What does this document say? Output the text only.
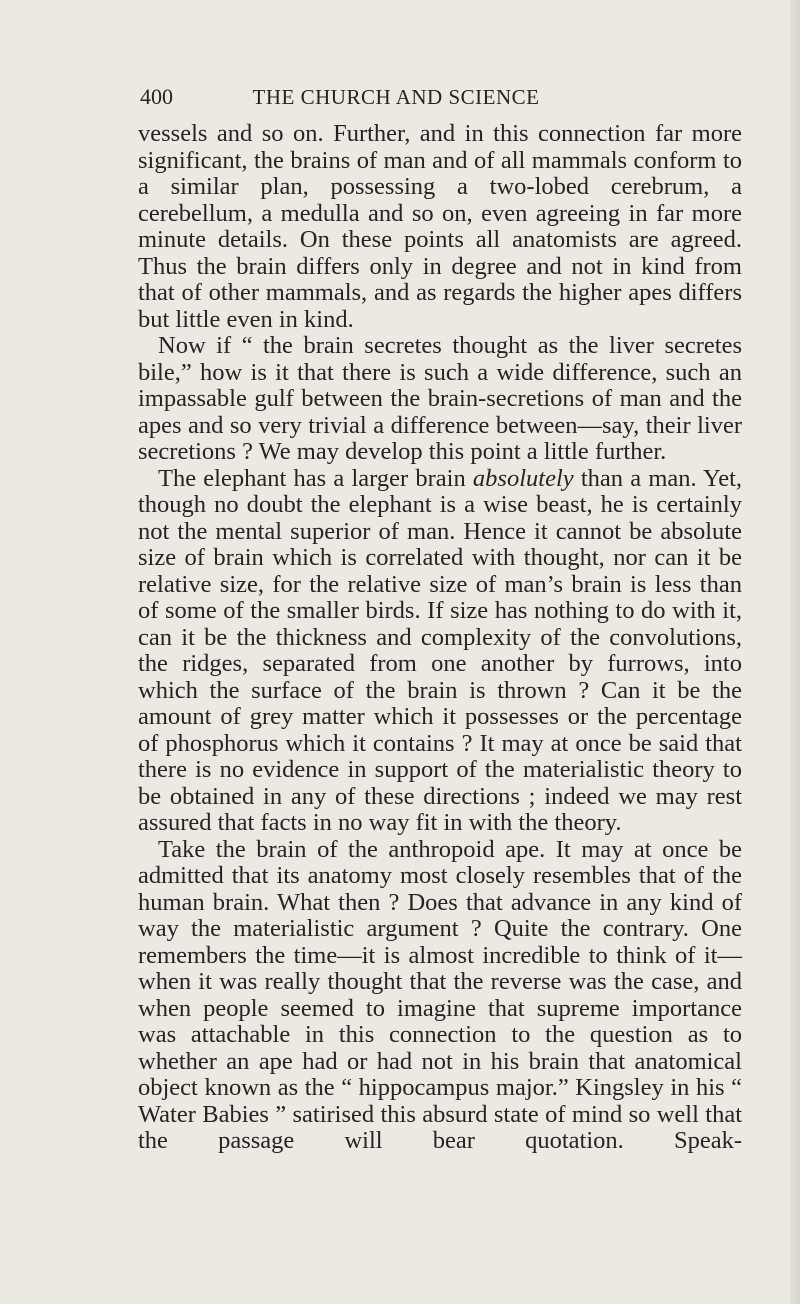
400	THE CHURCH AND SCIENCE

vessels and so on. Further, and in this connection far more significant, the brains of man and of all mammals conform to a similar plan, possessing a two-lobed cerebrum, a cerebellum, a medulla and so on, even agreeing in far more minute details. On these points all anatomists are agreed. Thus the brain differs only in degree and not in kind from that of other mammals, and as regards the higher apes differs but little even in kind.

Now if “ the brain secretes thought as the liver secretes bile,” how is it that there is such a wide difference, such an impassable gulf between the brain-secretions of man and the apes and so very trivial a difference between—say, their liver secretions ? We may develop this point a little further.

The elephant has a larger brain absolutely than a man. Yet, though no doubt the elephant is a wise beast, he is certainly not the mental superior of man. Hence it cannot be absolute size of brain which is correlated with thought, nor can it be relative size, for the relative size of man’s brain is less than of some of the smaller birds. If size has nothing to do with it, can it be the thickness and complexity of the convolutions, the ridges, separated from one another by furrows, into which the surface of the brain is thrown ? Can it be the amount of grey matter which it possesses or the percentage of phosphorus which it contains ? It may at once be said that there is no evidence in support of the materialistic theory to be obtained in any of these directions ; indeed we may rest assured that facts in no way fit in with the theory.

Take the brain of the anthropoid ape. It may at once be admitted that its anatomy most closely resembles that of the human brain. What then ? Does that advance in any kind of way the materialistic argument ? Quite the contrary. One remembers the time—it is almost incredible to think of it—when it was really thought that the reverse was the case, and when people seemed to imagine that supreme importance was attachable in this connection to the question as to whether an ape had or had not in his brain that anatomical object known as the “ hippocampus major.” Kingsley in his “ Water Babies ” satirised this absurd state of mind so well that the passage will bear quotation. Speak-
